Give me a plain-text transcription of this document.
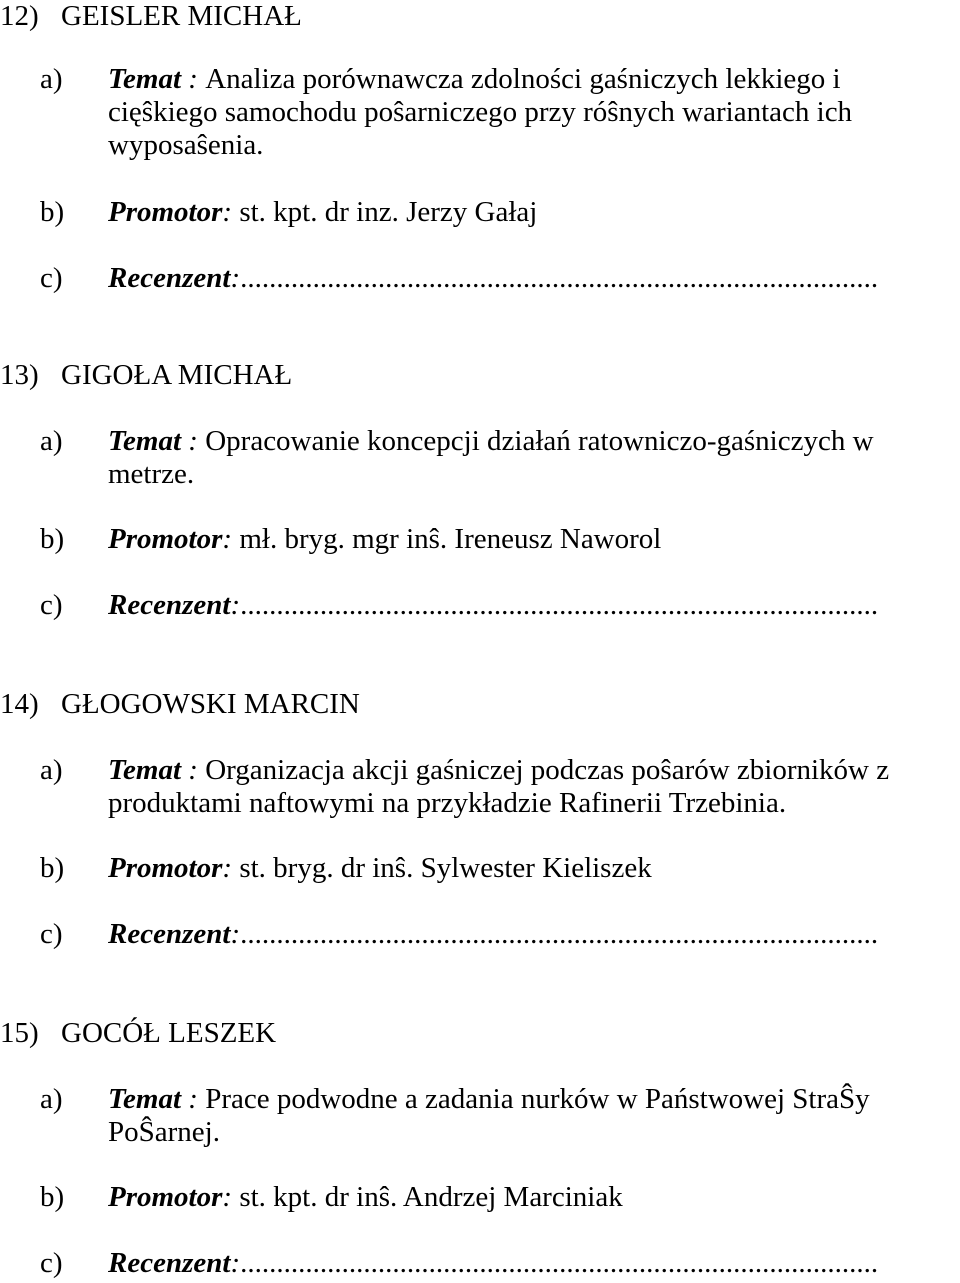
12) GEISLER MICHAŁ
a) Temat : Analiza porównawcza zdolności gaśniczych lekkiego i cięŝkiego samochodu poŝarniczego przy róŝnych wariantach ich wyposaŝenia.
b) Promotor: st. kpt. dr inz. Jerzy Gałaj
c) Recenzent:........................................................................................
13) GIGOŁA MICHAŁ
a) Temat : Opracowanie koncepcji działań ratowniczo-gaśniczych w metrze.
b) Promotor: mł. bryg. mgr inŝ. Ireneusz Naworol
c) Recenzent:........................................................................................
14) GŁOGOWSKI MARCIN
a) Temat : Organizacja akcji gaśniczej podczas poŝarów zbiorników z produktami naftowymi na przykładzie Rafinerii Trzebinia.
b) Promotor: st. bryg. dr inŝ. Sylwester Kieliszek
c) Recenzent:........................................................................................
15) GOCÓŁ LESZEK
a) Temat : Prace podwodne a zadania nurków w Państwowej StraŜy PoŜarnej.
b) Promotor: st. kpt. dr inŝ. Andrzej Marciniak
c) Recenzent:........................................................................................
